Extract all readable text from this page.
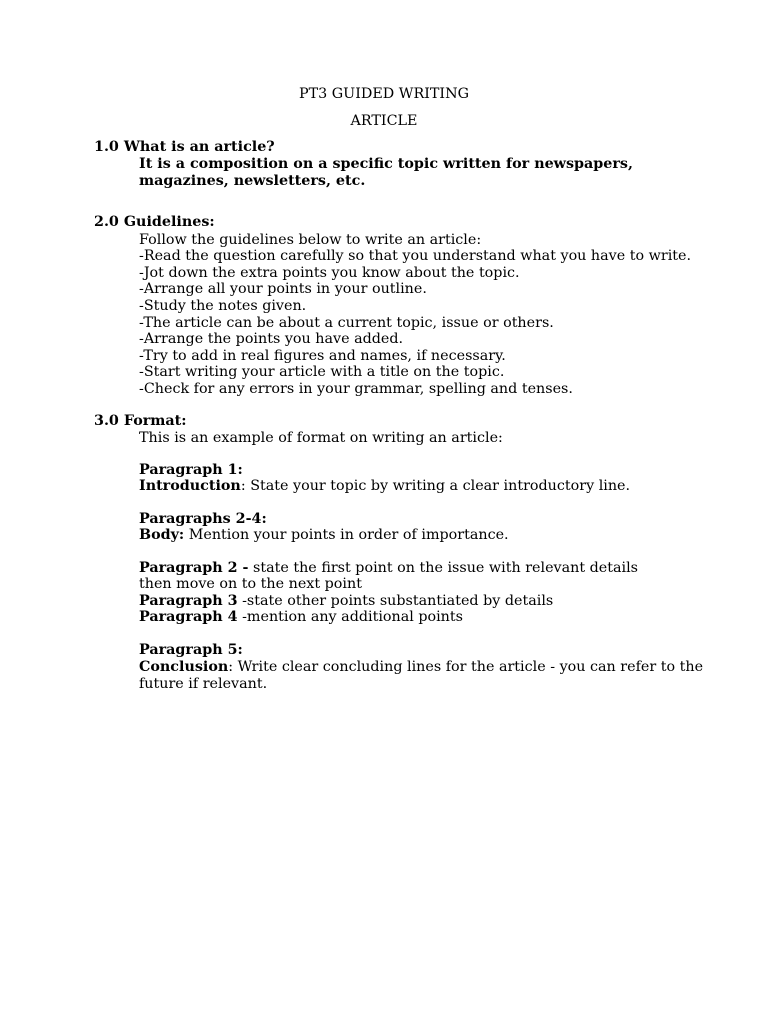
PT3 GUIDED WRITING
ARTICLE
1.0 What is an article?
It is a composition on a specific topic written for newspapers,
magazines, newsletters, etc.
2.0 Guidelines:
Follow the guidelines below to write an article:
-Read the question carefully so that you understand what you have to write.
-Jot down the extra points you know about the topic.
-Arrange all your points in your outline.
-Study the notes given.
-The article can be about a current topic, issue or others.
-Arrange the points you have added.
-Try to add in real figures and names, if necessary.
-Start writing your article with a title on the topic.
-Check for any errors in your grammar, spelling and tenses.
3.0 Format:
This is an example of format on writing an article:
Paragraph 1:
Introduction: State your topic by writing a clear introductory line.
Paragraphs 2-4:
Body: Mention your points in order of importance.
Paragraph 2 - state the first point on the issue with relevant details
then move on to the next point
Paragraph 3 -state other points substantiated by details
Paragraph 4 -mention any additional points
Paragraph 5:
Conclusion: Write clear concluding lines for the article - you can refer to the
future if relevant.
